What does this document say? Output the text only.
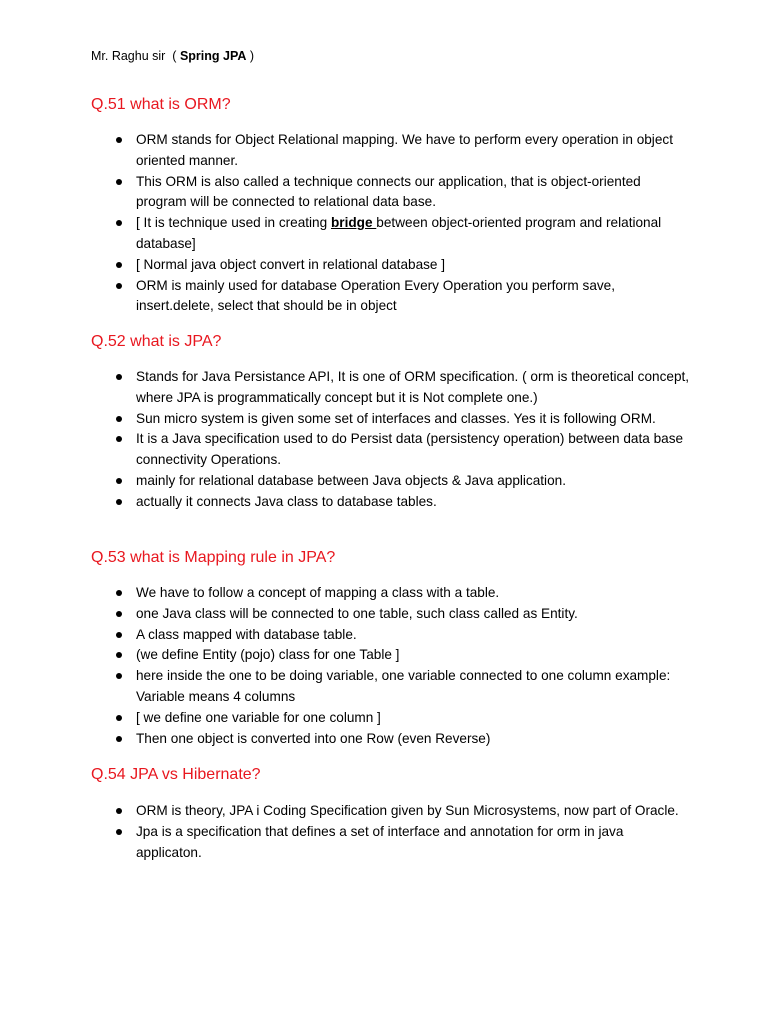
Mr. Raghu sir ( Spring JPA )
Q.51 what is ORM?
ORM stands for Object Relational mapping. We have to perform every operation in object oriented manner.
This ORM is also called a technique connects our application, that is object-oriented program will be connected to relational data base.
[ It is technique used in creating bridge between object-oriented program and relational database]
[ Normal java object convert in relational database ]
ORM is mainly used for database Operation Every Operation you perform save, insert.delete, select that should be in object
Q.52 what is JPA?
Stands for Java Persistance API, It is one of ORM specification. ( orm is theoretical concept, where JPA is programmatically concept but it is Not complete one.)
Sun micro system is given some set of interfaces and classes. Yes it is following ORM.
It is a Java specification used to do Persist data (persistency operation) between data base connectivity Operations.
mainly for relational database between Java objects & Java application.
actually it connects Java class to database tables.
Q.53 what is Mapping rule in JPA?
We have to follow a concept of mapping a class with a table.
one Java class will be connected to one table, such class called as Entity.
A class mapped with database table.
(we define Entity (pojo) class for one Table ]
here inside the one to be doing variable, one variable connected to one column example: Variable means 4 columns
[ we define one variable for one column ]
Then one object is converted into one Row (even Reverse)
Q.54 JPA vs Hibernate?
ORM is theory, JPA i Coding Specification given by Sun Microsystems, now part of Oracle.
Jpa is a specification that defines a set of interface and annotation for orm in java applicaton.
